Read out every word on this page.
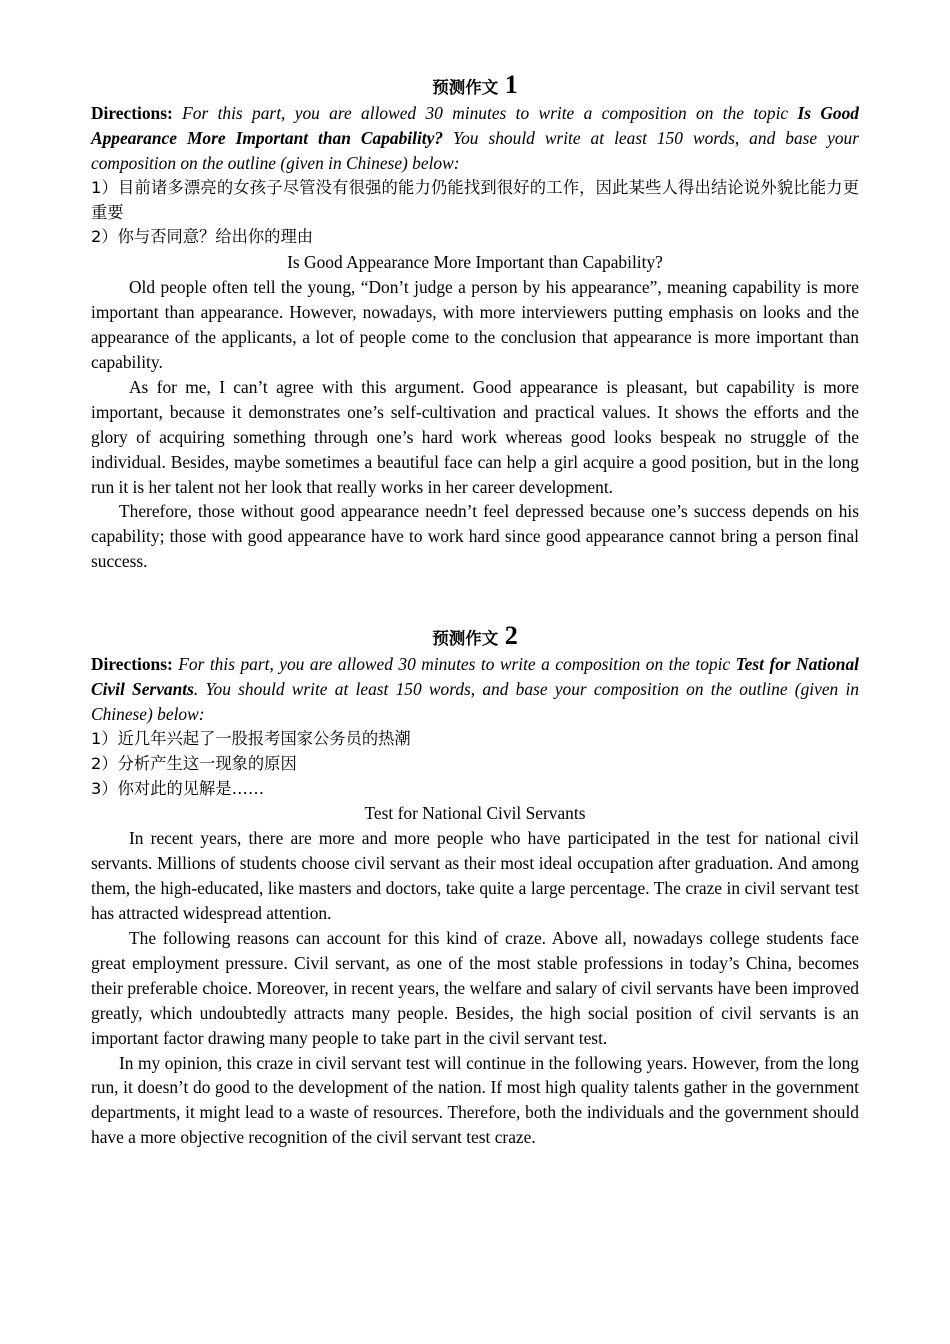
预测作文 1

Directions: For this part, you are allowed 30 minutes to write a composition on the topic Is Good Appearance More Important than Capability? You should write at least 150 words, and base your composition on the outline (given in Chinese) below:

1）目前诸多漂亮的女孩子尽管没有很强的能力仍能找到很好的工作，因此某些人得出结论说外貌比能力更重要

2）你与否同意？给出你的理由

Is Good Appearance More Important than Capability?

Old people often tell the young, “Don’t judge a person by his appearance”, meaning capability is more important than appearance. However, nowadays, with more interviewers putting emphasis on looks and the appearance of the applicants, a lot of people come to the conclusion that appearance is more important than capability.

As for me, I can’t agree with this argument. Good appearance is pleasant, but capability is more important, because it demonstrates one’s self-cultivation and practical values. It shows the efforts and the glory of acquiring something through one’s hard work whereas good looks bespeak no struggle of the individual. Besides, maybe sometimes a beautiful face can help a girl acquire a good position, but in the long run it is her talent not her look that really works in her career development.

Therefore, those without good appearance needn’t feel depressed because one’s success depends on his capability; those with good appearance have to work hard since good appearance cannot bring a person final success.

预测作文 2

Directions: For this part, you are allowed 30 minutes to write a composition on the topic Test for National Civil Servants. You should write at least 150 words, and base your composition on the outline (given in Chinese) below:

1）近几年兴起了一股报考国家公务员的热潮

2）分析产生这一现象的原因

3）你对此的见解是……

Test for National Civil Servants

In recent years, there are more and more people who have participated in the test for national civil servants. Millions of students choose civil servant as their most ideal occupation after graduation. And among them, the high-educated, like masters and doctors, take quite a large percentage. The craze in civil servant test has attracted widespread attention.

The following reasons can account for this kind of craze. Above all, nowadays college students face great employment pressure. Civil servant, as one of the most stable professions in today’s China, becomes their preferable choice. Moreover, in recent years, the welfare and salary of civil servants have been improved greatly, which undoubtedly attracts many people. Besides, the high social position of civil servants is an important factor drawing many people to take part in the civil servant test.

In my opinion, this craze in civil servant test will continue in the following years. However, from the long run, it doesn’t do good to the development of the nation. If most high quality talents gather in the government departments, it might lead to a waste of resources. Therefore, both the individuals and the government should have a more objective recognition of the civil servant test craze.
